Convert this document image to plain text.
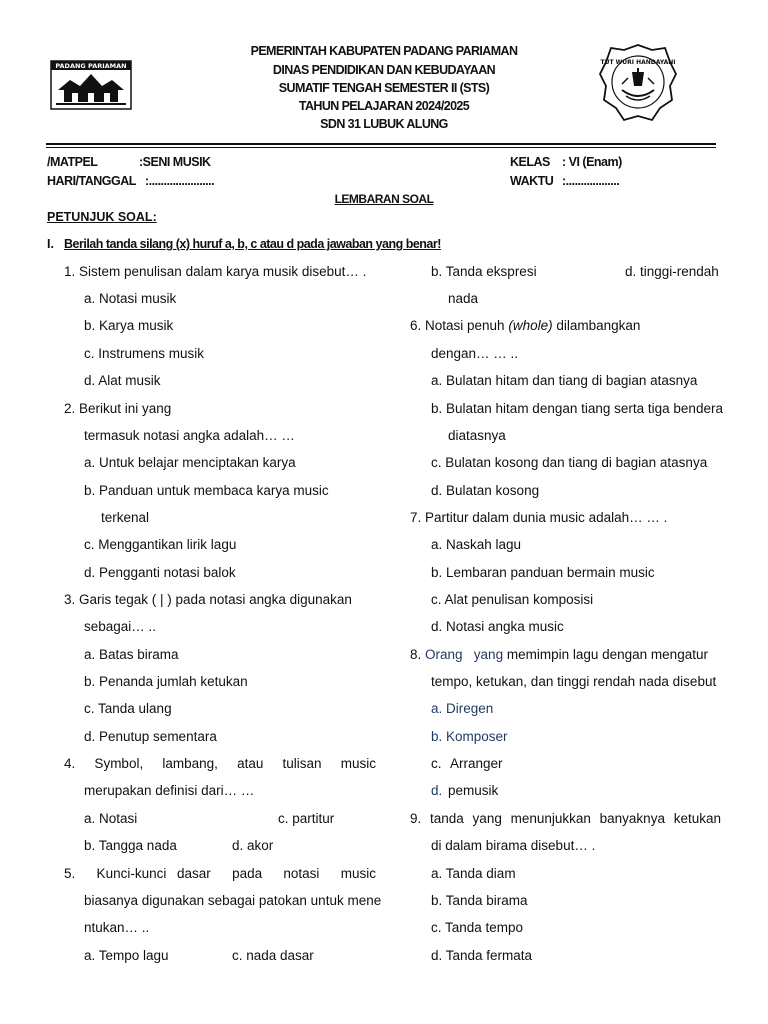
PADANG PARIAMAN	TUT WURI HANDAYANI
PEMERINTAH KABUPATEN PADANG PARIAMAN
DINAS PENDIDIKAN DAN KEBUDAYAAN
SUMATIF TENGAH SEMESTER II (STS)
TAHUN PELAJARAN 2024/2025
SDN 31 LUBUK ALUNG
/MATPEL	:SENI MUSIK
HARI/TANGGAL :......................
KELAS : VI (Enam)
WAKTU :..................
LEMBARAN SOAL
PETUNJUK SOAL:
I. Berilah tanda silang (x) huruf a, b, c atau d pada jawaban yang benar!
1. Sistem penulisan dalam karya musik disebut… .
a. Notasi musik
b. Karya musik
c. Instrumens musik
d. Alat musik
2. Berikut ini yang
termasuk notasi angka adalah… …
a. Untuk belajar menciptakan karya
b. Panduan untuk membaca karya music
terkenal
c. Menggantikan lirik lagu
d. Pengganti notasi balok
3. Garis tegak ( | ) pada notasi angka digunakan
sebagai… ..
a. Batas birama
b. Penanda jumlah ketukan
c. Tanda ulang
d. Penutup sementara
4.  Symbol,  lambang,  atau  tulisan  music
merupakan definisi dari… …
a. Notasi	c. partitur
b. Tangga nada	d. akor
5.  Kunci-kunci dasar  pada  notasi  music
biasanya digunakan sebagai patokan untuk mene
ntukan… ..
a. Tempo lagu	c. nada dasar
b. Tanda ekspresi	d. tinggi-rendah
nada
6. Notasi penuh (whole) dilambangkan
dengan… … ..
a. Bulatan hitam dan tiang di bagian atasnya
b. Bulatan hitam dengan tiang serta tiga bendera
diatasnya
c. Bulatan kosong dan tiang di bagian atasnya
d. Bulatan kosong
7. Partitur dalam dunia music adalah… … .
a. Naskah lagu
b. Lembaran panduan bermain music
c. Alat penulisan komposisi
d. Notasi angka music
8. Orang   yang memimpin lagu dengan mengatur
tempo, ketukan, dan tinggi rendah nada disebut
a. Diregen
b. Komposer
c. Arranger
d. pemusik
9.  tanda  yang  menunjukkan  banyaknya  ketukan
di dalam birama disebut… .
a. Tanda diam
b. Tanda birama
c. Tanda tempo
d. Tanda fermata
